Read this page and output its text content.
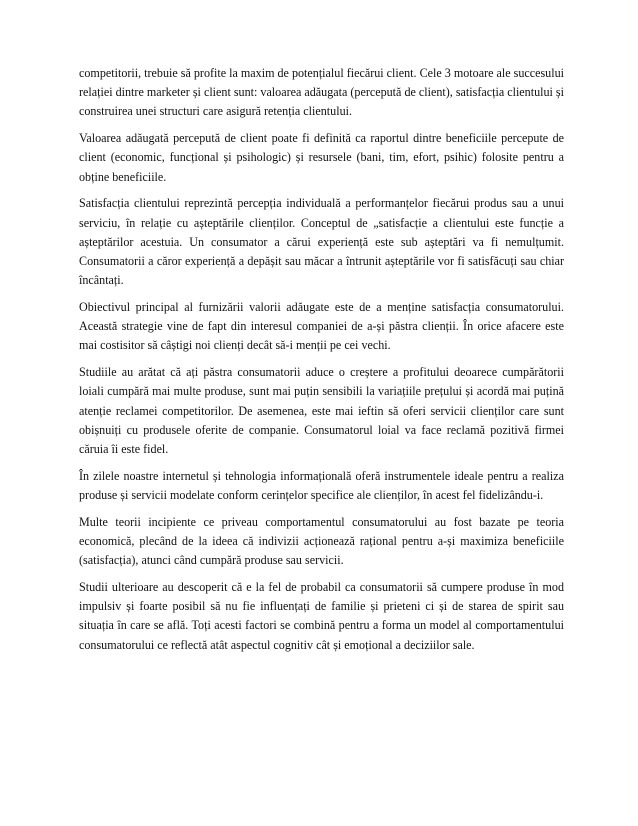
competitorii, trebuie să profite la maxim de potențialul fiecărui client. Cele 3 motoare ale succesului relației dintre marketer și client sunt: valoarea adăugata (percepută de client), satisfacția clientului și construirea unei structuri care asigură retenția clientului.

Valoarea adăugată percepută de client poate fi definită ca raportul dintre beneficiile percepute de client (economic, funcțional și psihologic) și resursele (bani, tim, efort, psihic) folosite pentru a obține beneficiile.

Satisfacția clientului reprezintă percepția individuală a performanțelor fiecărui produs sau a unui serviciu, în relație cu așteptările clienților. Conceptul de „satisfacție a clientului este funcție a așteptărilor acestuia. Un consumator a cărui experiență este sub așteptări va fi nemulțumit. Consumatorii a căror experiență a depășit sau măcar a întrunit așteptările vor fi satisfăcuți sau chiar încântați.

Obiectivul principal al furnizării valorii adăugate este de a menține satisfacția consumatorului. Această strategie vine de fapt din interesul companiei de a-și păstra clienții. În orice afacere este mai costisitor să câștigi noi clienți decât să-i menții pe cei vechi.

Studiile au arătat că ați păstra consumatorii aduce o creștere a profitului deoarece cumpărătorii loiali cumpără mai multe produse, sunt mai puțin sensibili la variațiile prețului și acordă mai puțină atenție reclamei competitorilor. De asemenea, este mai ieftin să oferi servicii clienților care sunt obișnuiți cu produsele oferite de companie. Consumatorul loial va face reclamă pozitivă firmei căruia îi este fidel.

În zilele noastre internetul și tehnologia informațională oferă instrumentele ideale pentru a realiza produse și servicii modelate conform cerințelor specifice ale clienților, în acest fel fidelizându-i.

Multe teorii incipiente ce priveau comportamentul consumatorului au fost bazate pe teoria economică, plecând de la ideea că indivizii acționează rațional pentru a-și maximiza beneficiile (satisfacția), atunci când cumpără produse sau servicii.

Studii ulterioare au descoperit că e la fel de probabil ca consumatorii să cumpere produse în mod impulsiv și foarte posibil să nu fie influențați de familie și prieteni ci și de starea de spirit sau situația în care se află. Toți acesti factori se combină pentru a forma un model al comportamentului consumatorului ce reflectă atât aspectul cognitiv cât și emoțional a deciziilor sale.
